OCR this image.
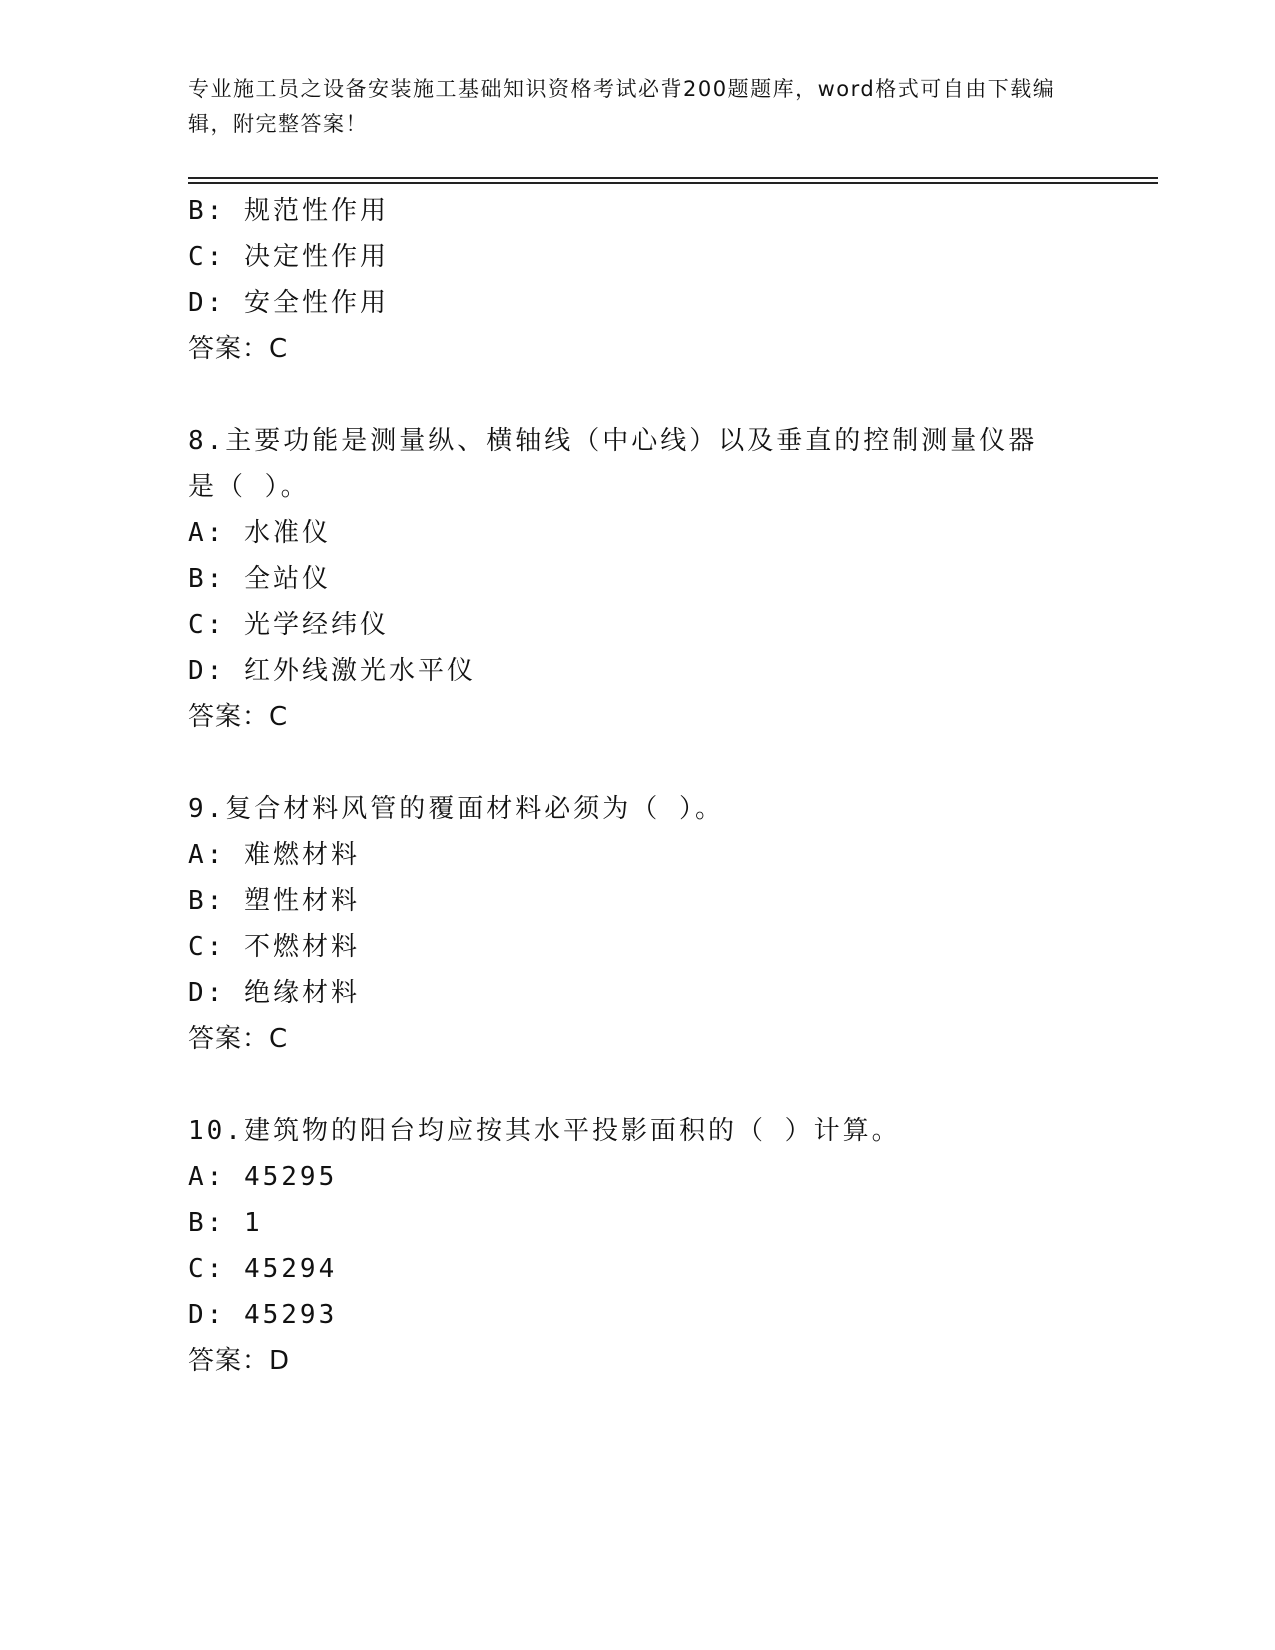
专业施工员之设备安装施工基础知识资格考试必背200题题库，word格式可自由下载编辑，附完整答案！
B: 规范性作用
C: 决定性作用
D: 安全性作用
答案：C
8.主要功能是测量纵、横轴线（中心线）以及垂直的控制测量仪器是（ ）。
A: 水准仪
B: 全站仪
C: 光学经纬仪
D: 红外线激光水平仪
答案：C
9.复合材料风管的覆面材料必须为（ ）。
A: 难燃材料
B: 塑性材料
C: 不燃材料
D: 绝缘材料
答案：C
10.建筑物的阳台均应按其水平投影面积的（ ）计算。
A: 45295
B: 1
C: 45294
D: 45293
答案：D
